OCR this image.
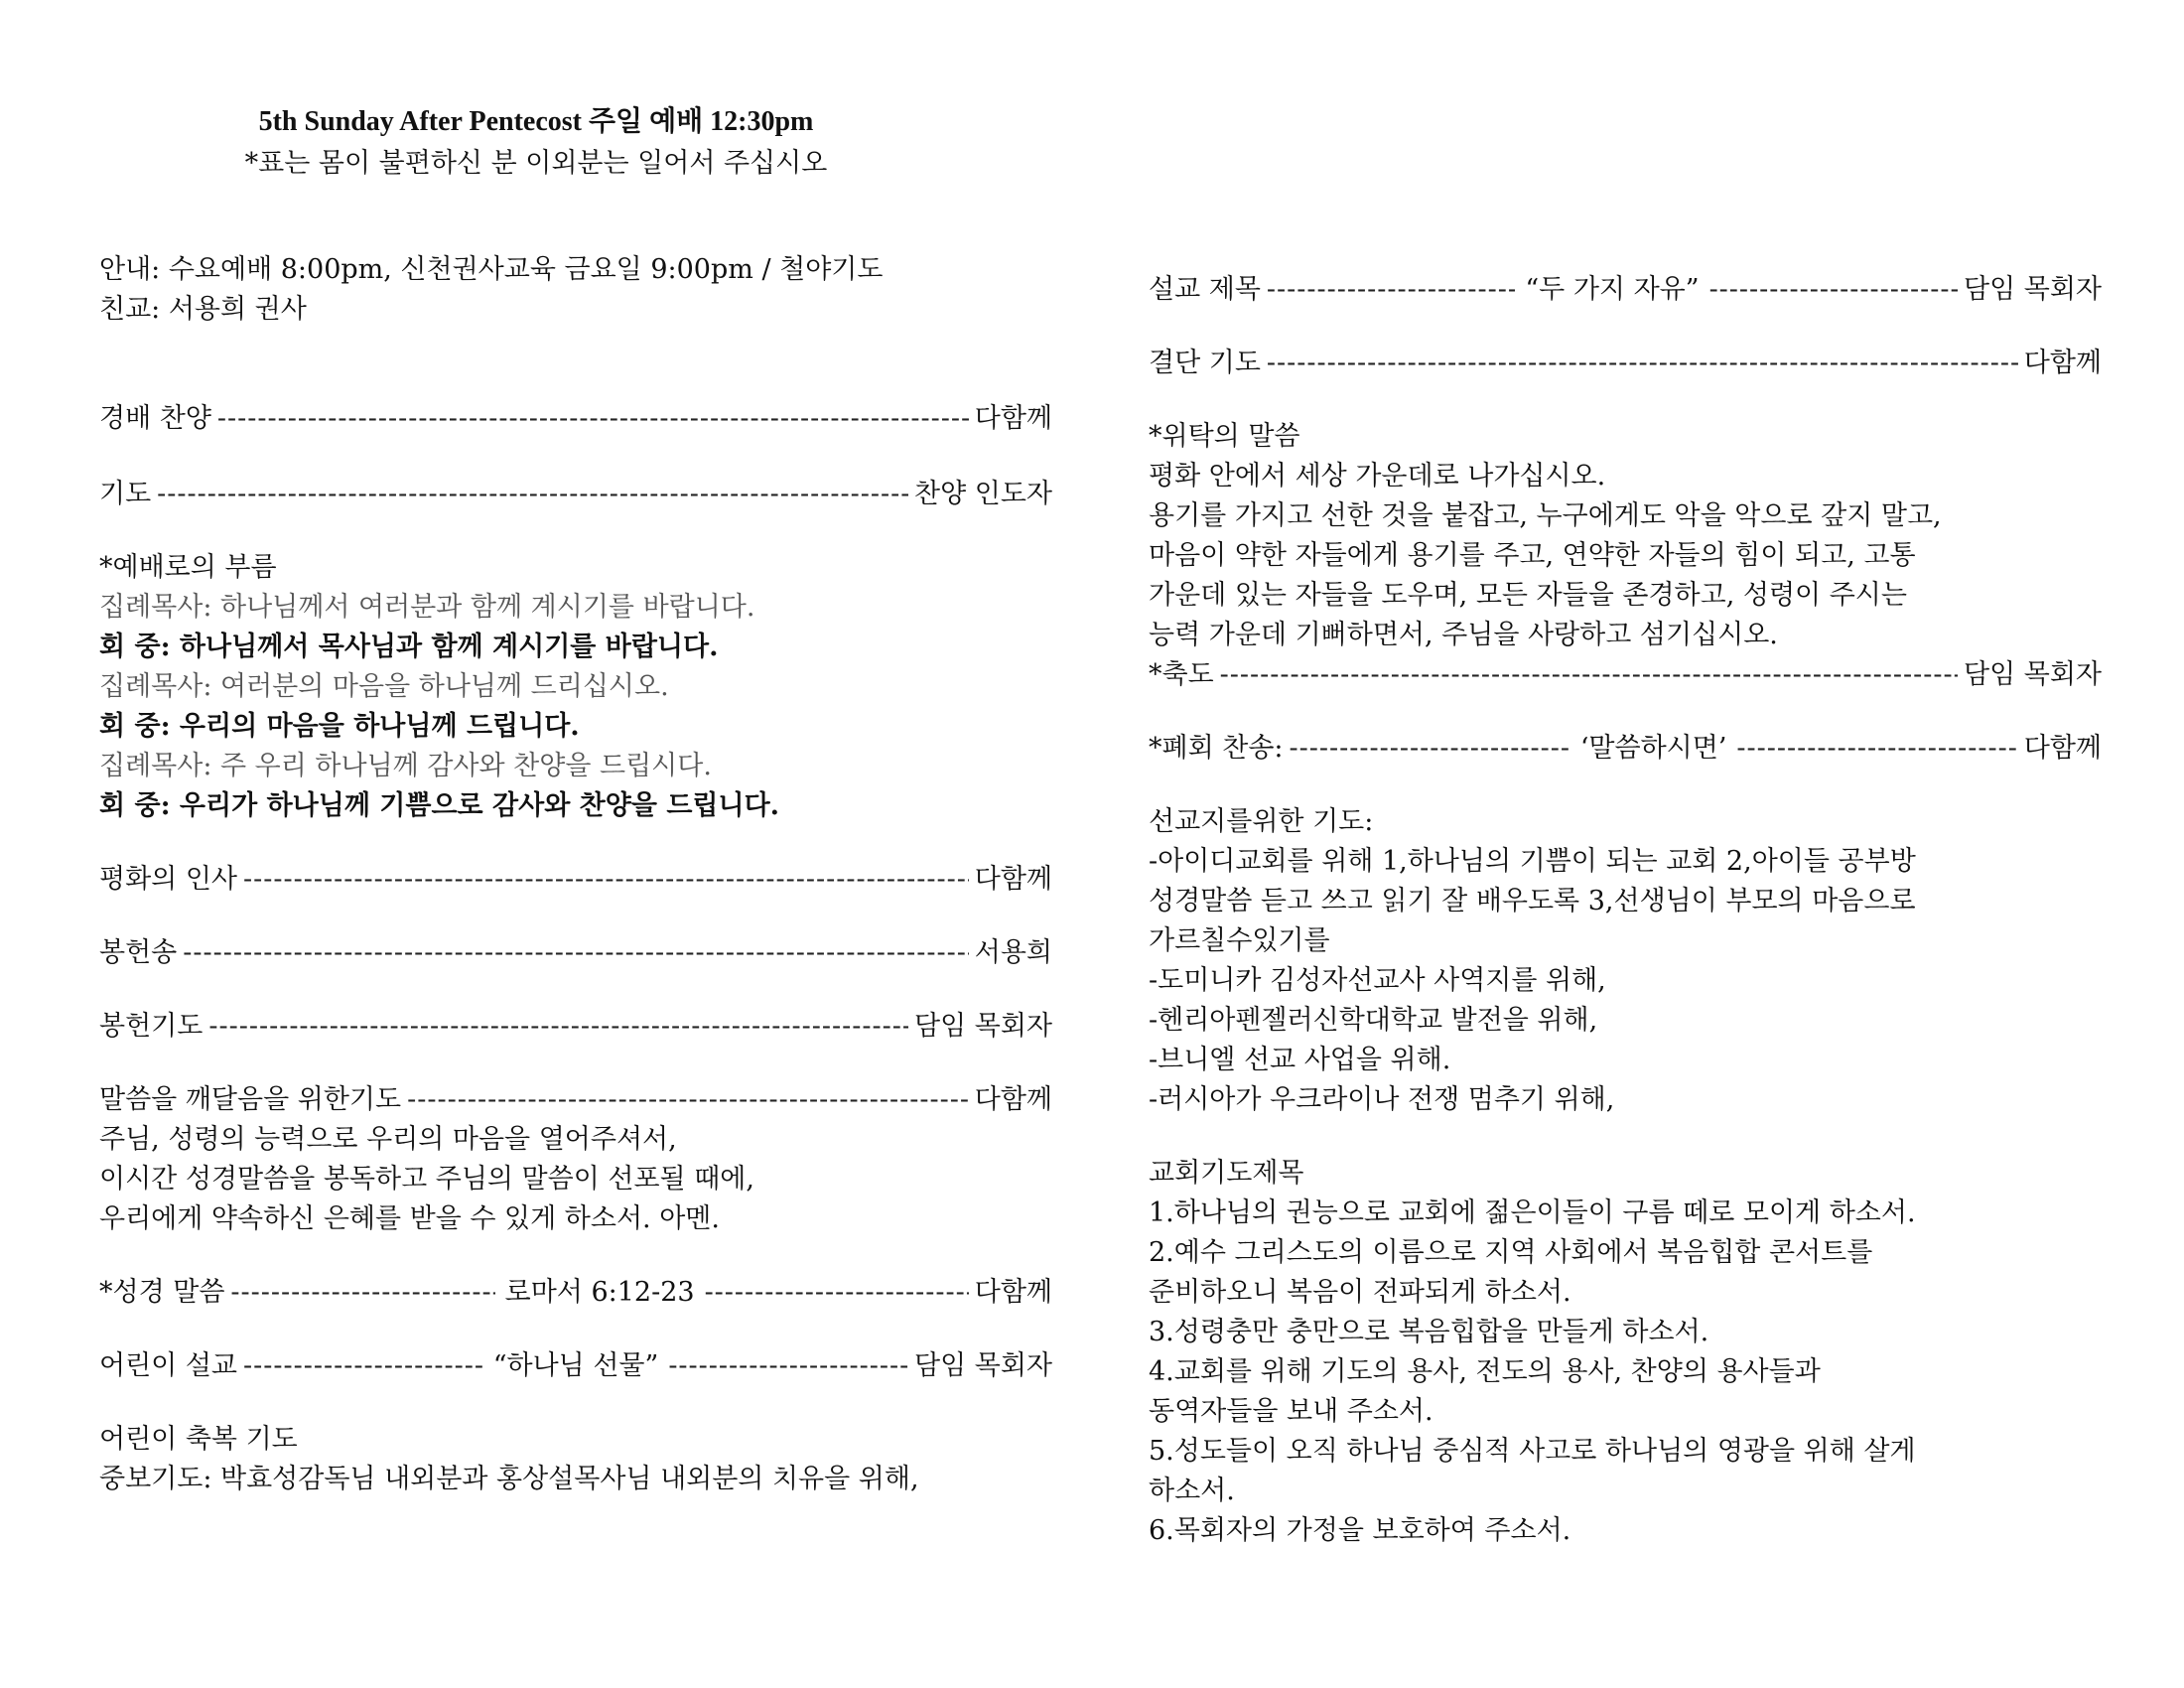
5th Sunday After Pentecost 주일 예배 12:30pm
*표는 몸이 불편하신 분 이외분는 일어서 주십시오
안내: 수요예배 8:00pm, 신천권사교육 금요일 9:00pm / 철야기도
친교: 서용희 권사
경배 찬양 -----	다함께
기도 -----	찬양 인도자
*예배로의 부름
집례목사: 하나님께서 여러분과 함께 계시기를 바랍니다.
회 중: 하나님께서 목사님과 함께 계시기를 바랍니다.
집례목사: 여러분의 마음을 하나님께 드리십시오.
회 중: 우리의 마음을 하나님께 드립니다.
집례목사: 주 우리 하나님께 감사와 찬양을 드립시다.
회 중: 우리가 하나님께 기쁨으로 감사와 찬양을 드립니다.
평화의 인사 -----	다함께
봉헌송 -----	서용희
봉헌기도 -----	담임 목회자
말씀을 깨달음을 위한기도 -----	다함께
주님, 성령의 능력으로 우리의 마음을 열어주셔서,
이시간 성경말씀을 봉독하고 주님의 말씀이 선포될 때에,
우리에게 약속하신 은혜를 받을 수 있게 하소서. 아멘.
*성경 말씀 -----	로마서 6:12-23 -----	다함께
어린이 설교 -----	“하나님 선물” -----	담임 목회자
어린이 축복 기도
중보기도: 박효성감독님 내외분과 홍상설목사님 내외분의 치유을 위해,
설교 제목 -----	“두 가지 자유” -----	담임 목회자
결단 기도 -----	다함께
*위탁의 말씀
평화 안에서 세상 가운데로 나가십시오.
용기를 가지고 선한 것을 붙잡고, 누구에게도 악을 악으로 갚지 말고,
마음이 약한 자들에게 용기를 주고, 연약한 자들의 힘이 되고, 고통
가운데 있는 자들을 도우며, 모든 자들을 존경하고, 성령이 주시는
능력 가운데 기뻐하면서, 주님을 사랑하고 섬기십시오.
*축도 -----	담임 목회자
*폐회 찬송: -----	‘말씀하시면’ -----	다함께
선교지를위한 기도:
-아이디교회를 위해 1,하나님의 기쁨이 되는 교회 2,아이들 공부방
성경말씀 듣고 쓰고 읽기 잘 배우도록 3,선생님이 부모의 마음으로
가르칠수있기를
-도미니카 김성자선교사 사역지를 위해,
-헨리아펜젤러신학대학교 발전을 위해,
-브니엘 선교 사업을 위해.
-러시아가 우크라이나 전쟁 멈추기 위해,
교회기도제목
1.하나님의 권능으로 교회에 젊은이들이 구름 떼로 모이게 하소서.
2.예수 그리스도의 이름으로 지역 사회에서 복음힙합 콘서트를
준비하오니 복음이 전파되게 하소서.
3.성령충만 충만으로 복음힙합을 만들게 하소서.
4.교회를 위해 기도의 용사, 전도의 용사, 찬양의 용사들과
동역자들을 보내 주소서.
5.성도들이 오직 하나님 중심적 사고로 하나님의 영광을 위해 살게
하소서.
6.목회자의 가정을 보호하여 주소서.
